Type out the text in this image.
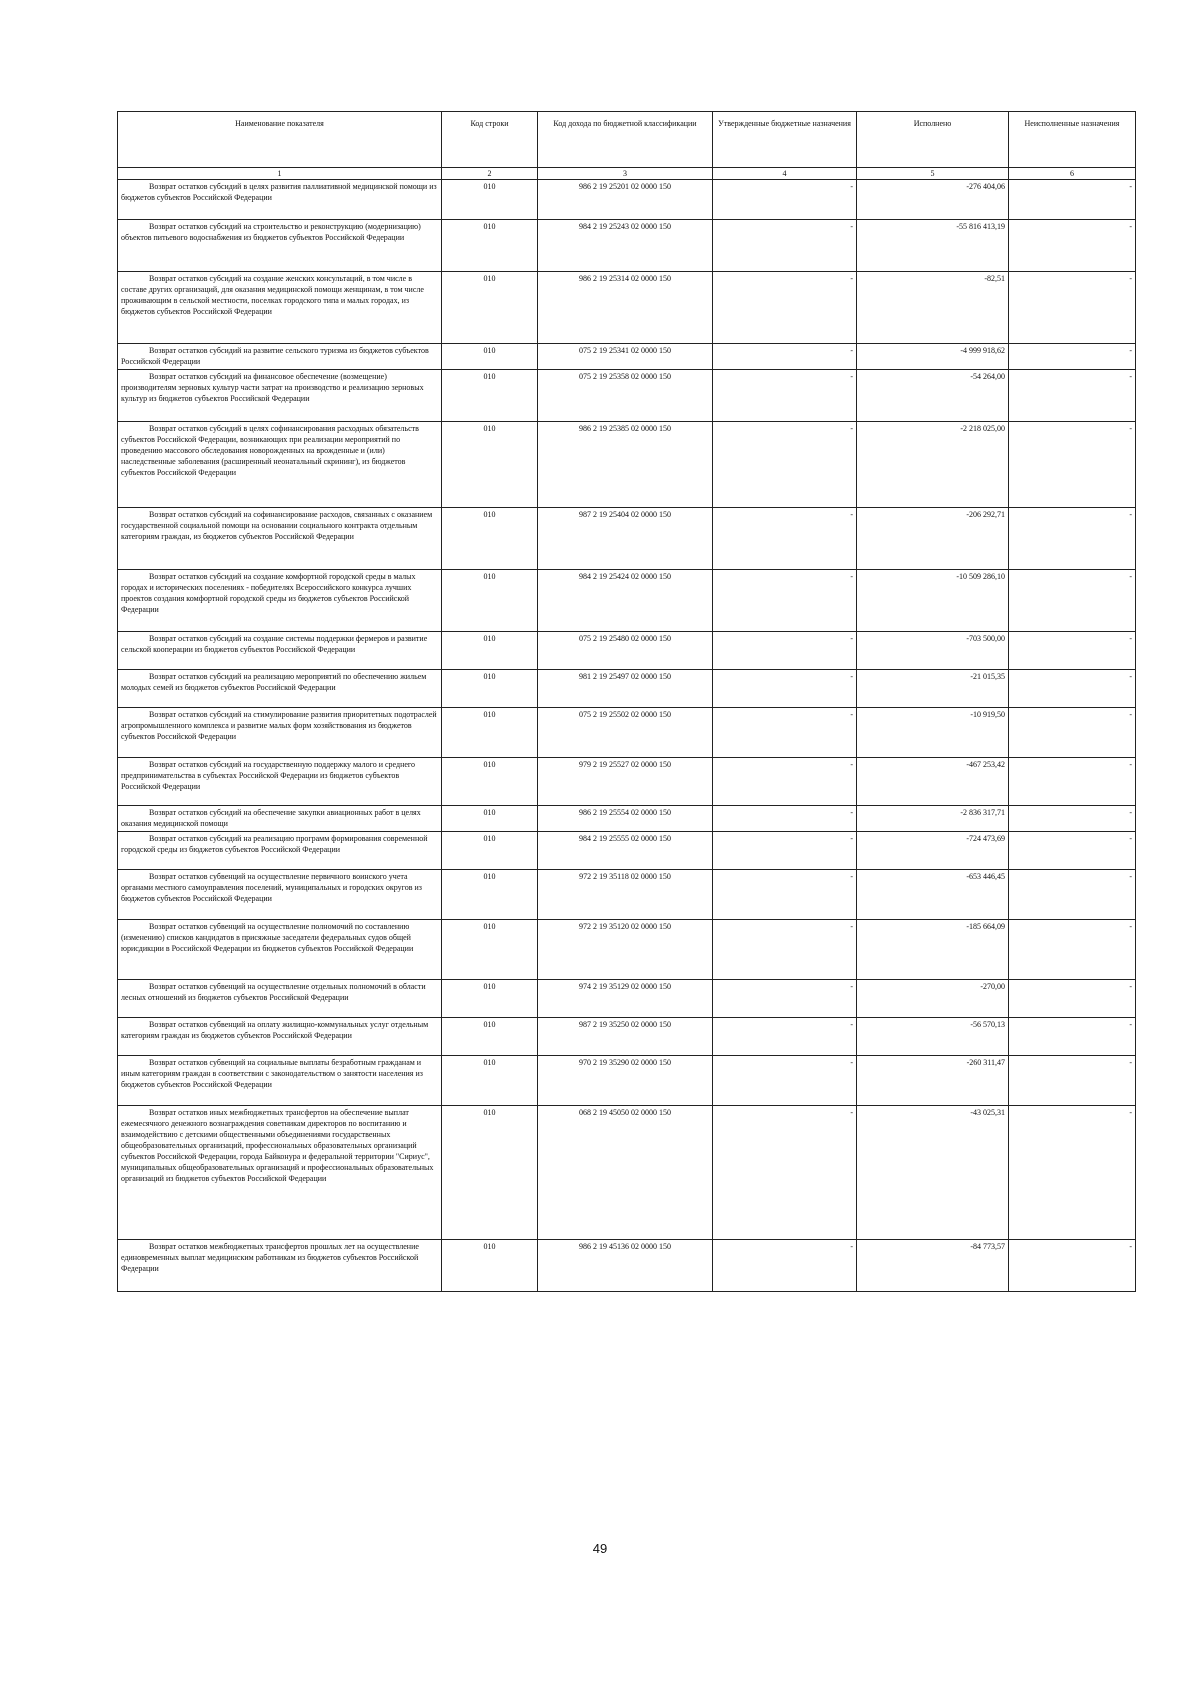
Наименование показателя	Код строки	Код дохода по бюджетной классификации	Утвержденные бюджетные назначения	Исполнено	Неисполненные назначения
1	2	3	4	5	6
Возврат остатков субсидий в целях развития паллиативной медицинской помощи из бюджетов субъектов Российской Федерации	010	986 2 19 25201 02 0000 150	-	-276 404,06	-
Возврат остатков субсидий на строительство и реконструкцию (модернизацию) объектов питьевого водоснабжения из бюджетов субъектов Российской Федерации	010	984 2 19 25243 02 0000 150	-	-55 816 413,19	-
Возврат остатков субсидий на создание женских консультаций, в том числе в составе других организаций, для оказания медицинской помощи женщинам, в том числе проживающим в сельской местности, поселках городского типа и малых городах, из бюджетов субъектов Российской Федерации	010	986 2 19 25314 02 0000 150	-	-82,51	-
Возврат остатков субсидий на развитие сельского туризма из бюджетов субъектов Российской Федерации	010	075 2 19 25341 02 0000 150	-	-4 999 918,62	-
Возврат остатков субсидий на финансовое обеспечение (возмещение) производителям зерновых культур части затрат на производство и реализацию зерновых культур из бюджетов субъектов Российской Федерации	010	075 2 19 25358 02 0000 150	-	-54 264,00	-
Возврат остатков субсидий в целях софинансирования расходных обязательств субъектов Российской Федерации, возникающих при реализации мероприятий по проведению массового обследования новорожденных на врожденные и (или) наследственные заболевания (расширенный неонатальный скрининг), из бюджетов субъектов Российской Федерации	010	986 2 19 25385 02 0000 150	-	-2 218 025,00	-
Возврат остатков субсидий на софинансирование расходов, связанных с оказанием государственной социальной помощи на основании социального контракта отдельным категориям граждан, из бюджетов субъектов Российской Федерации	010	987 2 19 25404 02 0000 150	-	-206 292,71	-
Возврат остатков субсидий на создание комфортной городской среды в малых городах и исторических поселениях - победителях Всероссийского конкурса лучших проектов создания комфортной городской среды из бюджетов субъектов Российской Федерации	010	984 2 19 25424 02 0000 150	-	-10 509 286,10	-
Возврат остатков субсидий на создание системы поддержки фермеров и развитие сельской кооперации из бюджетов субъектов Российской Федерации	010	075 2 19 25480 02 0000 150	-	-703 500,00	-
Возврат остатков субсидий на реализацию мероприятий по обеспечению жильем молодых семей из бюджетов субъектов Российской Федерации	010	981 2 19 25497 02 0000 150	-	-21 015,35	-
Возврат остатков субсидий на стимулирование развития приоритетных подотраслей агропромышленного комплекса и развитие малых форм хозяйствования из бюджетов субъектов Российской Федерации	010	075 2 19 25502 02 0000 150	-	-10 919,50	-
Возврат остатков субсидий на государственную поддержку малого и среднего предпринимательства в субъектах Российской Федерации из бюджетов субъектов Российской Федерации	010	979 2 19 25527 02 0000 150	-	-467 253,42	-
Возврат остатков субсидий на обеспечение закупки авиационных работ в целях оказания медицинской помощи	010	986 2 19 25554 02 0000 150	-	-2 836 317,71	-
Возврат остатков субсидий на реализацию программ формирования современной городской среды из бюджетов субъектов Российской Федерации	010	984 2 19 25555 02 0000 150	-	-724 473,69	-
Возврат остатков субвенций на осуществление первичного воинского учета органами местного самоуправления поселений, муниципальных и городских округов из бюджетов субъектов Российской Федерации	010	972 2 19 35118 02 0000 150	-	-653 446,45	-
Возврат остатков субвенций на осуществление полномочий по составлению (изменению) списков кандидатов в присяжные заседатели федеральных судов общей юрисдикции в Российской Федерации из бюджетов субъектов Российской Федерации	010	972 2 19 35120 02 0000 150	-	-185 664,09	-
Возврат остатков субвенций на осуществление отдельных полномочий в области лесных отношений из бюджетов субъектов Российской Федерации	010	974 2 19 35129 02 0000 150	-	-270,00	-
Возврат остатков субвенций на оплату жилищно-коммунальных услуг отдельным категориям граждан из бюджетов субъектов Российской Федерации	010	987 2 19 35250 02 0000 150	-	-56 570,13	-
Возврат остатков субвенций на социальные выплаты безработным гражданам и иным категориям граждан в соответствии с законодательством о занятости населения из бюджетов субъектов Российской Федерации	010	970 2 19 35290 02 0000 150	-	-260 311,47	-
Возврат остатков иных межбюджетных трансфертов на обеспечение выплат ежемесячного денежного вознаграждения советникам директоров по воспитанию и взаимодействию с детскими общественными объединениями государственных общеобразовательных организаций, профессиональных образовательных организаций субъектов Российской Федерации, города Байконура и федеральной территории "Сириус", муниципальных общеобразовательных организаций и профессиональных образовательных организаций из бюджетов субъектов Российской Федерации	010	068 2 19 45050 02 0000 150	-	-43 025,31	-
Возврат остатков межбюджетных трансфертов прошлых лет на осуществление единовременных выплат медицинским работникам из бюджетов субъектов Российской Федерации	010	986 2 19 45136 02 0000 150	-	-84 773,57	-
49
